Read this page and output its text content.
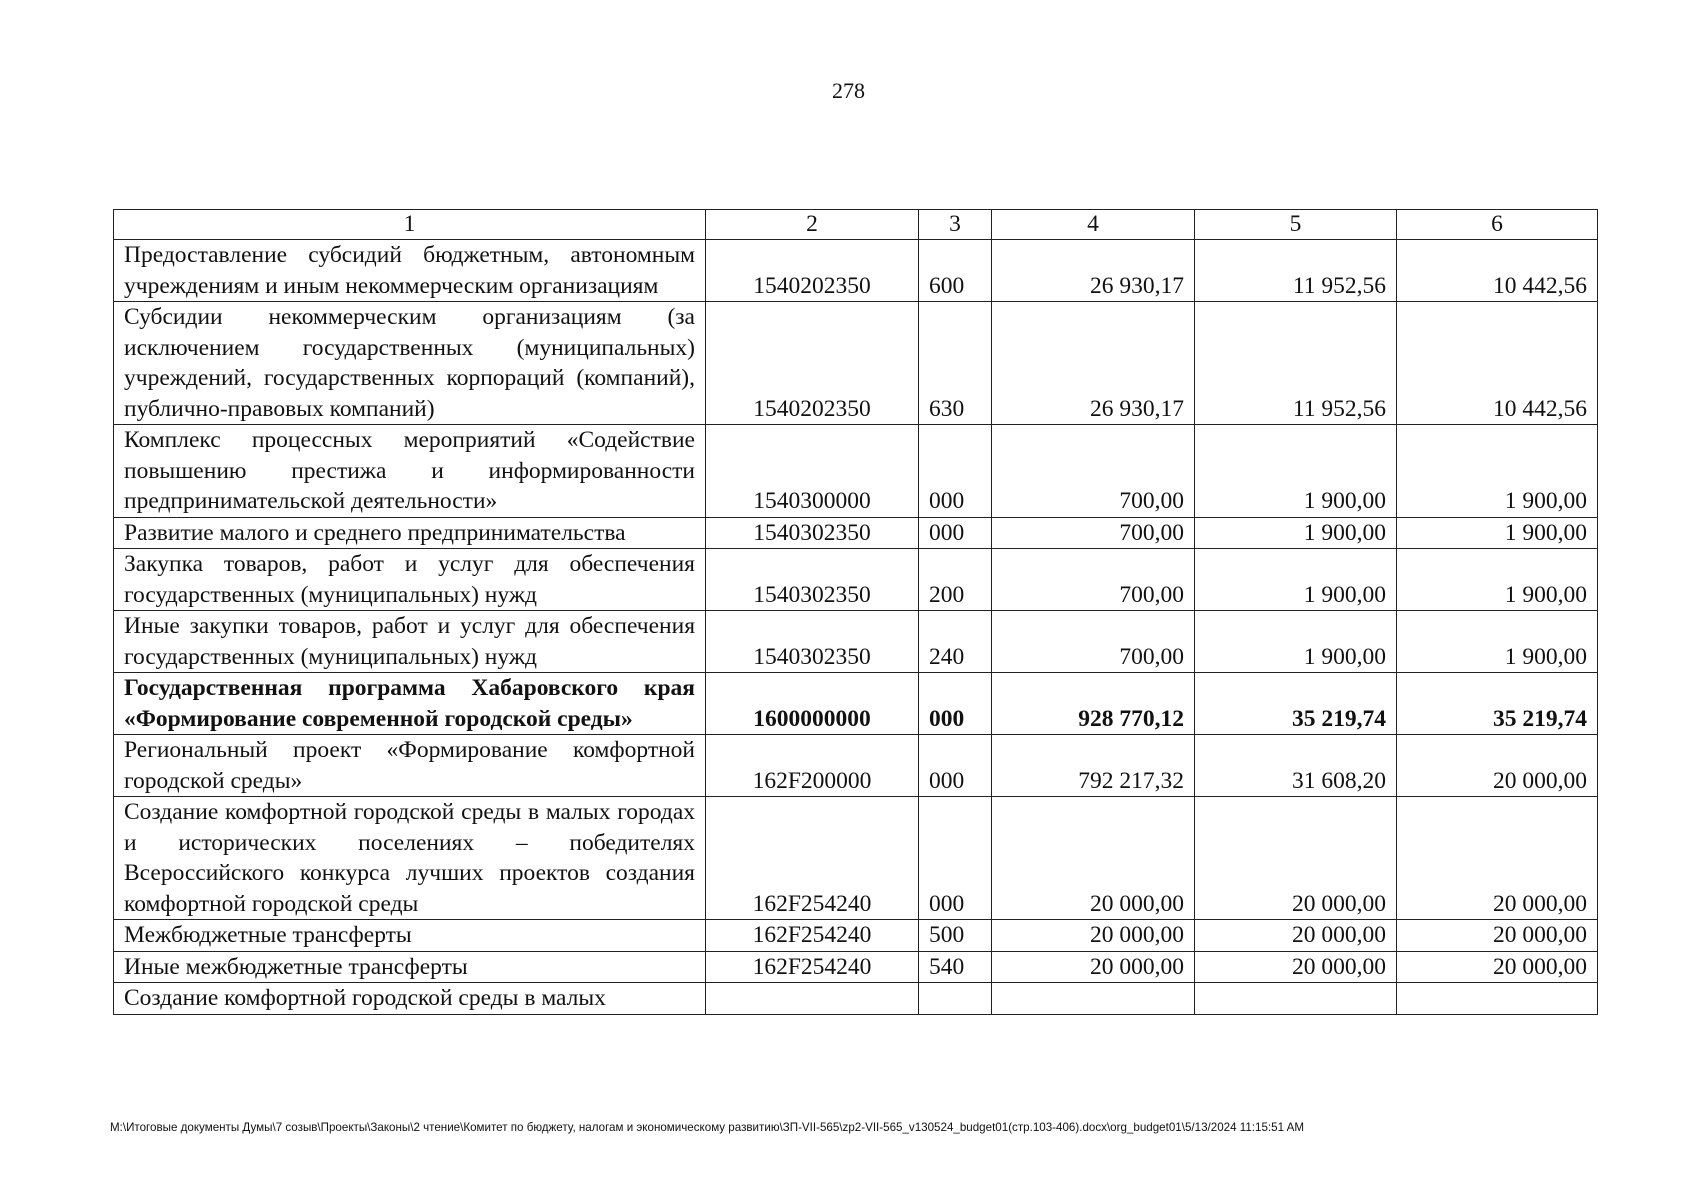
278
1	2	3	4	5	6
Предоставление субсидий бюджетным, автономным учреждениям и иным некоммерческим организациям	1540202350	600	26 930,17	11 952,56	10 442,56
Субсидии некоммерческим организациям (за исключением государственных (муниципальных) учреждений, государственных корпораций (компаний), публично-правовых компаний)	1540202350	630	26 930,17	11 952,56	10 442,56
Комплекс процессных мероприятий «Содействие повышению престижа и информированности предпринимательской деятельности»	1540300000	000	700,00	1 900,00	1 900,00
Развитие малого и среднего предпринимательства	1540302350	000	700,00	1 900,00	1 900,00
Закупка товаров, работ и услуг для обеспечения государственных (муниципальных) нужд	1540302350	200	700,00	1 900,00	1 900,00
Иные закупки товаров, работ и услуг для обеспечения государственных (муниципальных) нужд	1540302350	240	700,00	1 900,00	1 900,00
Государственная программа Хабаровского края «Формирование современной городской среды»	1600000000	000	928 770,12	35 219,74	35 219,74
Региональный проект «Формирование комфортной городской среды»	162F200000	000	792 217,32	31 608,20	20 000,00
Создание комфортной городской среды в малых городах и исторических поселениях – победителях Всероссийского конкурса лучших проектов создания комфортной городской среды	162F254240	000	20 000,00	20 000,00	20 000,00
Межбюджетные трансферты	162F254240	500	20 000,00	20 000,00	20 000,00
Иные межбюджетные трансферты	162F254240	540	20 000,00	20 000,00	20 000,00
Создание комфортной городской среды в малых					
M:\Итоговые документы Думы\7 созыв\Проекты\Законы\2 чтение\Комитет по бюджету, налогам и экономическому развитию\ЗП-VII-565\zp2-VII-565_v130524_budget01(стр.103-406).docx\org_budget01\5/13/2024 11:15:51 AM
